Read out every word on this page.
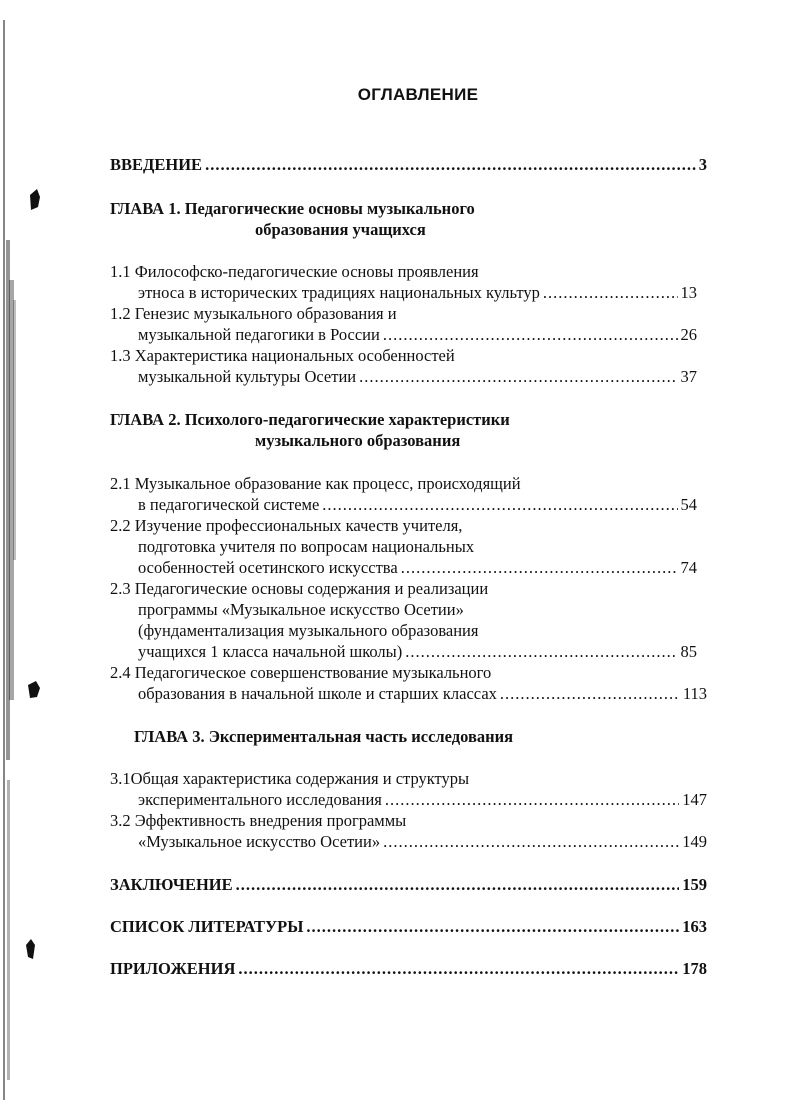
ОГЛАВЛЕНИЕ
ВВЕДЕНИЕ .....	3
ГЛАВА 1. Педагогические основы музыкального
образования учащихся
1.1 Философско-педагогические основы проявления
этноса в исторических традициях национальных культур .....	13
1.2 Генезис музыкального образования и
музыкальной педагогики в России .....	26
1.3 Характеристика национальных особенностей
музыкальной культуры Осетии .....	37
ГЛАВА 2. Психолого-педагогические характеристики
музыкального образования
2.1 Музыкальное образование как процесс, происходящий
в педагогической системе .....	54
2.2 Изучение профессиональных качеств учителя,
подготовка учителя по вопросам национальных
особенностей осетинского искусства .....	74
2.3 Педагогические основы содержания и реализации
программы «Музыкальное искусство Осетии»
(фундаментализация музыкального образования
учащихся 1 класса начальной школы) .....	85
2.4 Педагогическое совершенствование музыкального
образования в начальной школе и старших классах .....	113
ГЛАВА 3. Экспериментальная часть исследования
3.1Общая характеристика содержания и структуры
экспериментального исследования .....	147
3.2 Эффективность внедрения программы
«Музыкальное искусство Осетии» .....	149
ЗАКЛЮЧЕНИЕ .....	159
СПИСОК ЛИТЕРАТУРЫ .....	163
ПРИЛОЖЕНИЯ .....	178
